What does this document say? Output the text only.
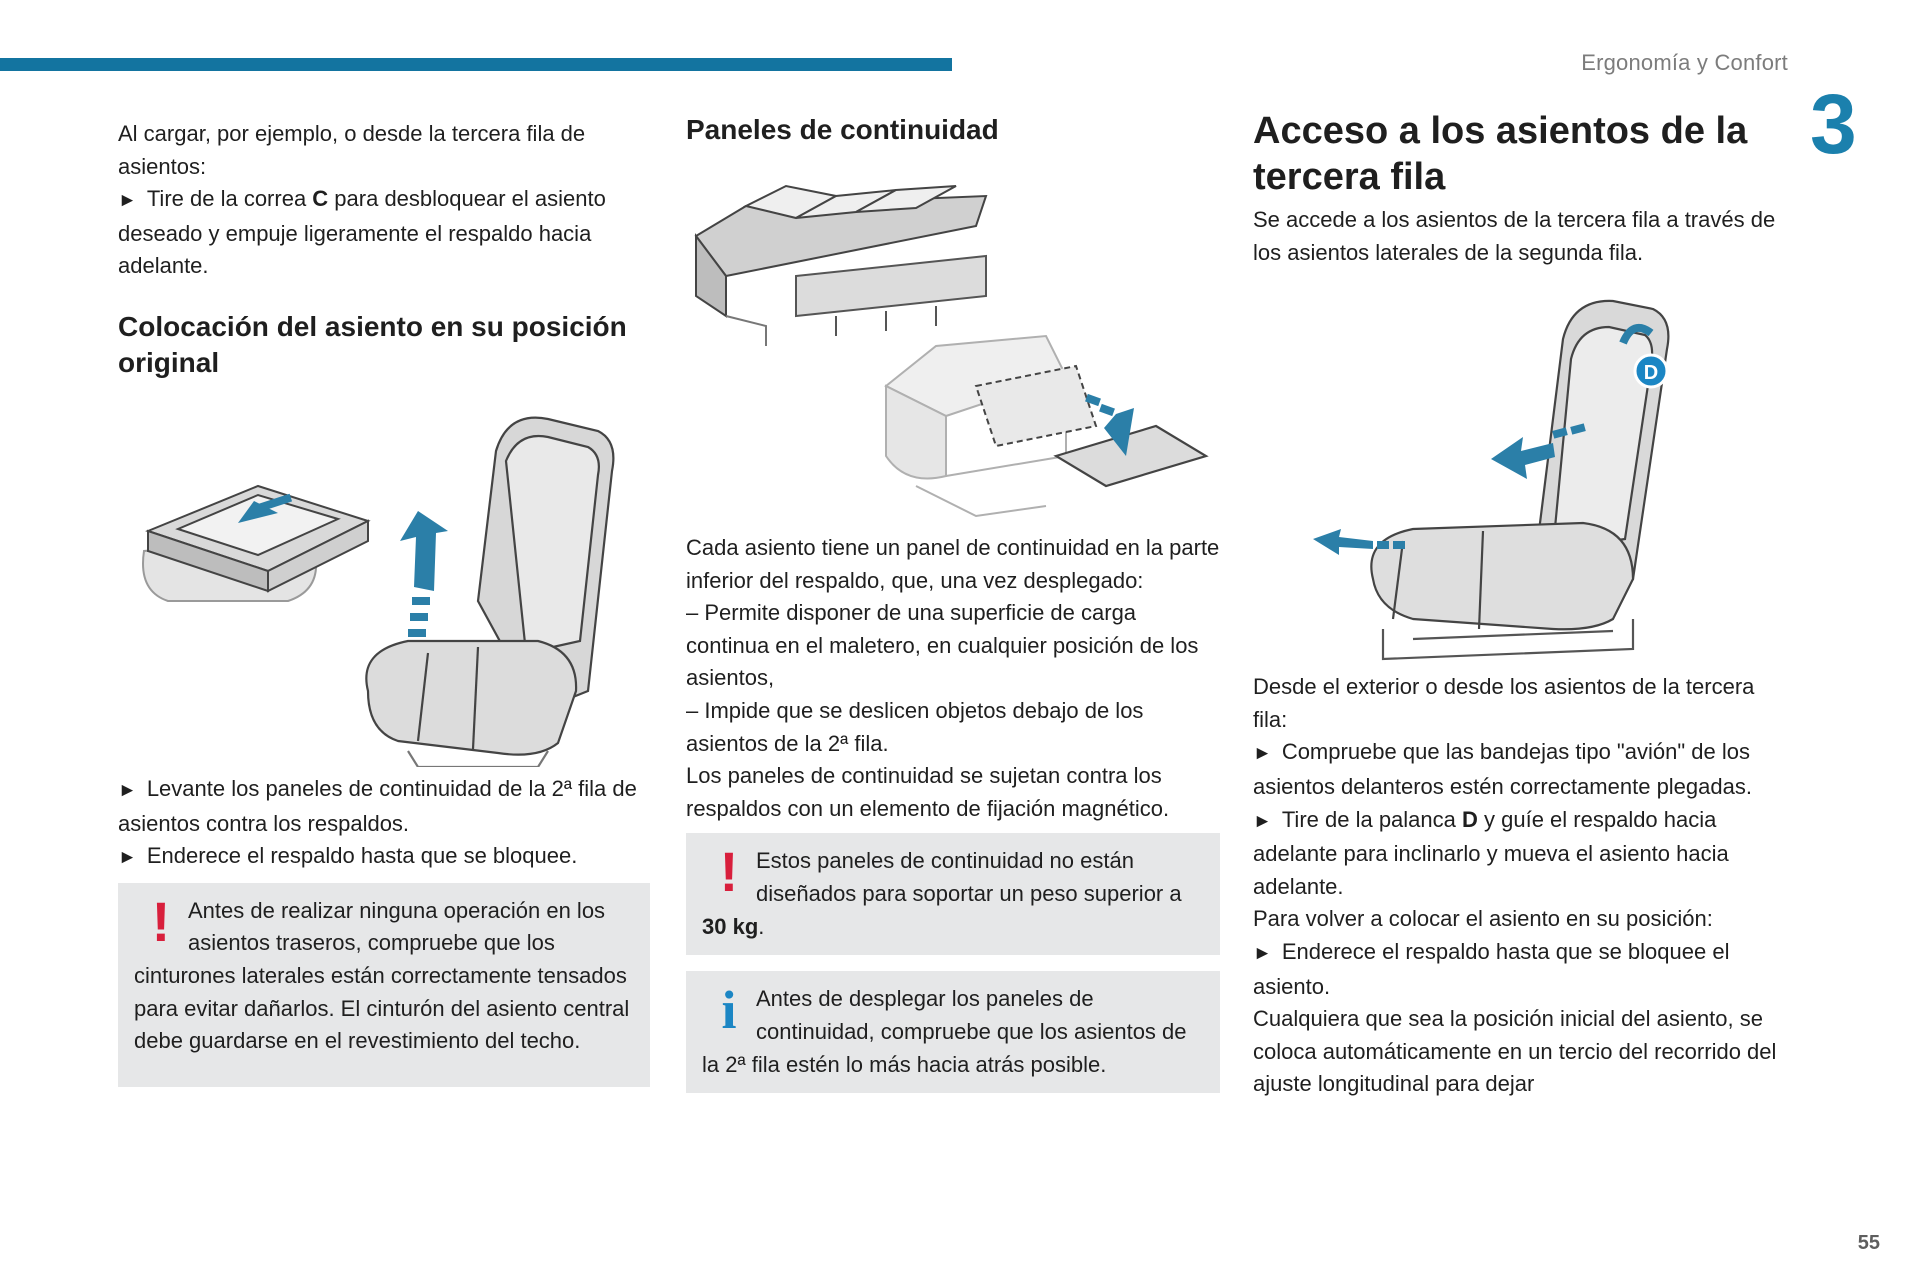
Ergonomía y Confort
3
55

Al cargar, por ejemplo, o desde la tercera fila de asientos:

► Tire de la correa C para desbloquear el asiento deseado y empuje ligeramente el respaldo hacia adelante.

Colocación del asiento en su posición original

► Levante los paneles de continuidad de la 2ª fila de asientos contra los respaldos.

► Enderece el respaldo hasta que se bloquee.

! Antes de realizar ninguna operación en los asientos traseros, compruebe que los cinturones laterales están correctamente tensados para evitar dañarlos. El cinturón del asiento central debe guardarse en el revestimiento del techo.

Paneles de continuidad

Cada asiento tiene un panel de continuidad en la parte inferior del respaldo, que, una vez desplegado:

– Permite disponer de una superficie de carga continua en el maletero, en cualquier posición de los asientos,

– Impide que se deslicen objetos debajo de los asientos de la 2ª fila.

Los paneles de continuidad se sujetan contra los respaldos con un elemento de fijación magnético.

! Estos paneles de continuidad no están diseñados para soportar un peso superior a 30 kg.

i Antes de desplegar los paneles de continuidad, compruebe que los asientos de la 2ª fila estén lo más hacia atrás posible.

Acceso a los asientos de la tercera fila

Se accede a los asientos de la tercera fila a través de los asientos laterales de la segunda fila.

D

Desde el exterior o desde los asientos de la tercera fila:

► Compruebe que las bandejas tipo "avión" de los asientos delanteros estén correctamente plegadas.

► Tire de la palanca D y guíe el respaldo hacia adelante para inclinarlo y mueva el asiento hacia adelante.

Para volver a colocar el asiento en su posición:

► Enderece el respaldo hasta que se bloquee el asiento.

Cualquiera que sea la posición inicial del asiento, se coloca automáticamente en un tercio del recorrido del ajuste longitudinal para dejar
